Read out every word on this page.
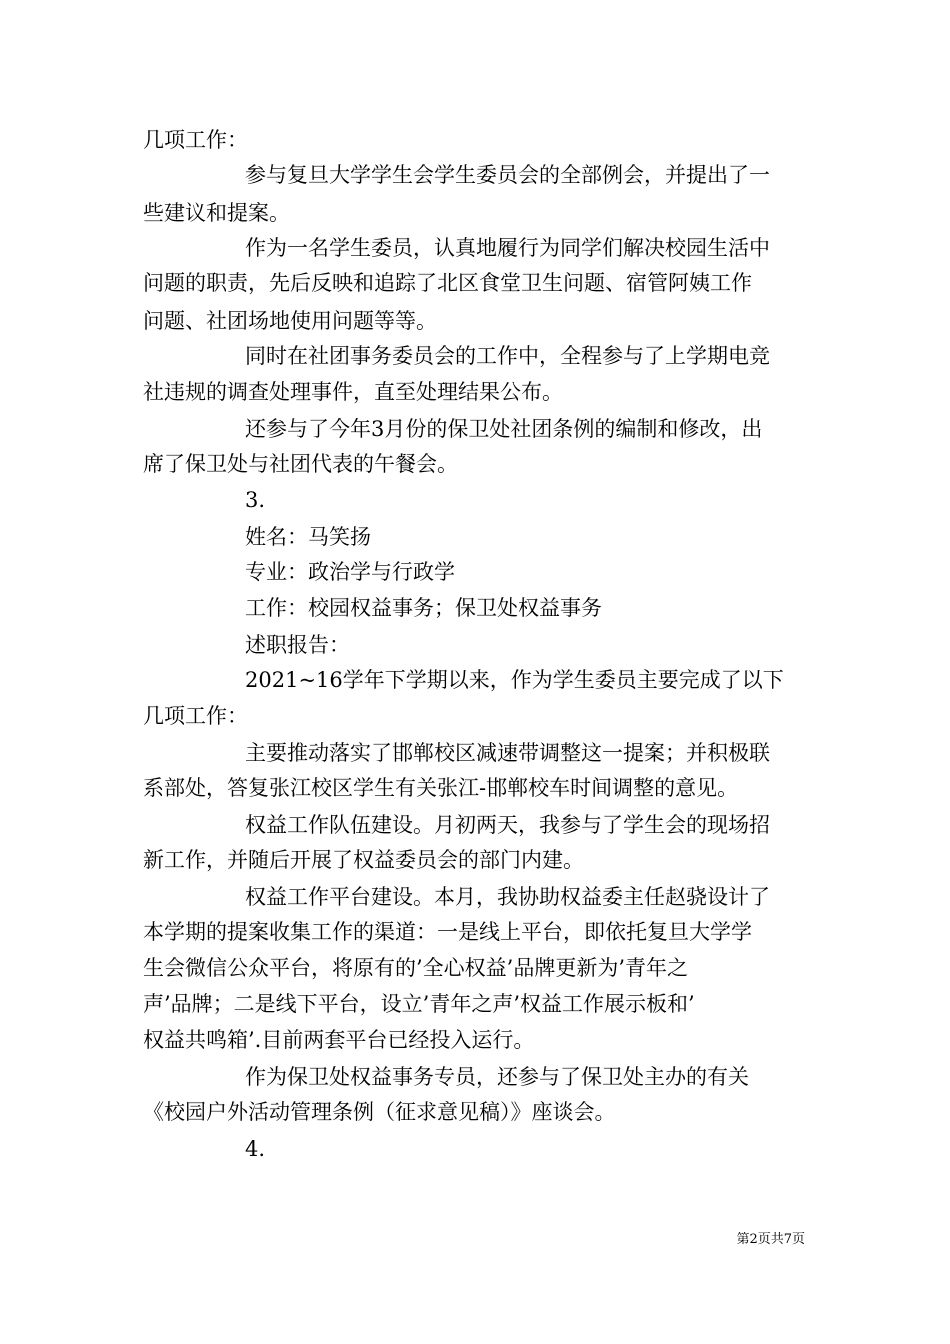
几项工作：
参与复旦大学学生会学生委员会的全部例会，并提出了一
些建议和提案。
作为一名学生委员，认真地履行为同学们解决校园生活中
问题的职责，先后反映和追踪了北区食堂卫生问题、宿管阿姨工作
问题、社团场地使用问题等等。
同时在社团事务委员会的工作中，全程参与了上学期电竞
社违规的调查处理事件，直至处理结果公布。
还参与了今年3月份的保卫处社团条例的编制和修改，出
席了保卫处与社团代表的午餐会。
3.
姓名：马笑扬
专业：政治学与行政学
工作：校园权益事务；保卫处权益事务
述职报告：
2021~16学年下学期以来，作为学生委员主要完成了以下
几项工作：
主要推动落实了邯郸校区减速带调整这一提案；并积极联
系部处，答复张江校区学生有关张江-邯郸校车时间调整的意见。
权益工作队伍建设。月初两天，我参与了学生会的现场招
新工作，并随后开展了权益委员会的部门内建。
权益工作平台建设。本月，我协助权益委主任赵骁设计了
本学期的提案收集工作的渠道：一是线上平台，即依托复旦大学学
生会微信公众平台，将原有的’全心权益’品牌更新为’青年之
声’品牌；二是线下平台，设立’青年之声’权益工作展示板和’
权益共鸣箱’.目前两套平台已经投入运行。
作为保卫处权益事务专员，还参与了保卫处主办的有关
《校园户外活动管理条例（征求意见稿）》座谈会。
4.
第2页共7页
